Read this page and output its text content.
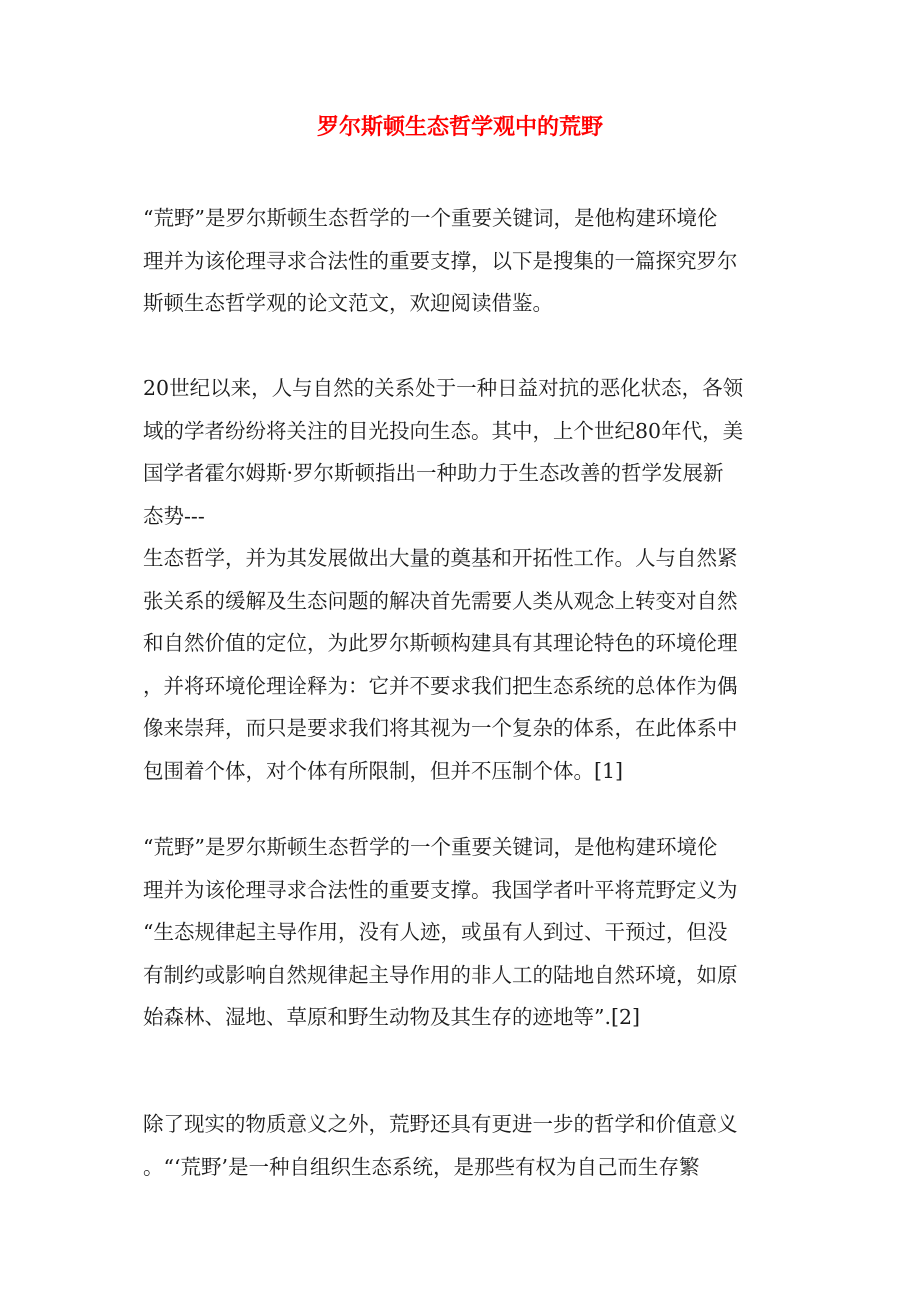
罗尔斯顿生态哲学观中的荒野
“荒野”是罗尔斯顿生态哲学的一个重要关键词，是他构建环境伦
理并为该伦理寻求合法性的重要支撑，以下是搜集的一篇探究罗尔
斯顿生态哲学观的论文范文，欢迎阅读借鉴。
20世纪以来，人与自然的关系处于一种日益对抗的恶化状态，各领
域的学者纷纷将关注的目光投向生态。其中，上个世纪80年代，美
国学者霍尔姆斯·罗尔斯顿指出一种助力于生态改善的哲学发展新
态势---
生态哲学，并为其发展做出大量的奠基和开拓性工作。人与自然紧
张关系的缓解及生态问题的解决首先需要人类从观念上转变对自然
和自然价值的定位，为此罗尔斯顿构建具有其理论特色的环境伦理
，并将环境伦理诠释为：它并不要求我们把生态系统的总体作为偶
像来崇拜，而只是要求我们将其视为一个复杂的体系，在此体系中
包围着个体，对个体有所限制，但并不压制个体。[1]
“荒野”是罗尔斯顿生态哲学的一个重要关键词，是他构建环境伦
理并为该伦理寻求合法性的重要支撑。我国学者叶平将荒野定义为
“生态规律起主导作用，没有人迹，或虽有人到过、干预过，但没
有制约或影响自然规律起主导作用的非人工的陆地自然环境，如原
始森林、湿地、草原和野生动物及其生存的迹地等”.[2]
除了现实的物质意义之外，荒野还具有更进一步的哲学和价值意义
。“‘荒野’是一种自组织生态系统，是那些有权为自己而生存繁
